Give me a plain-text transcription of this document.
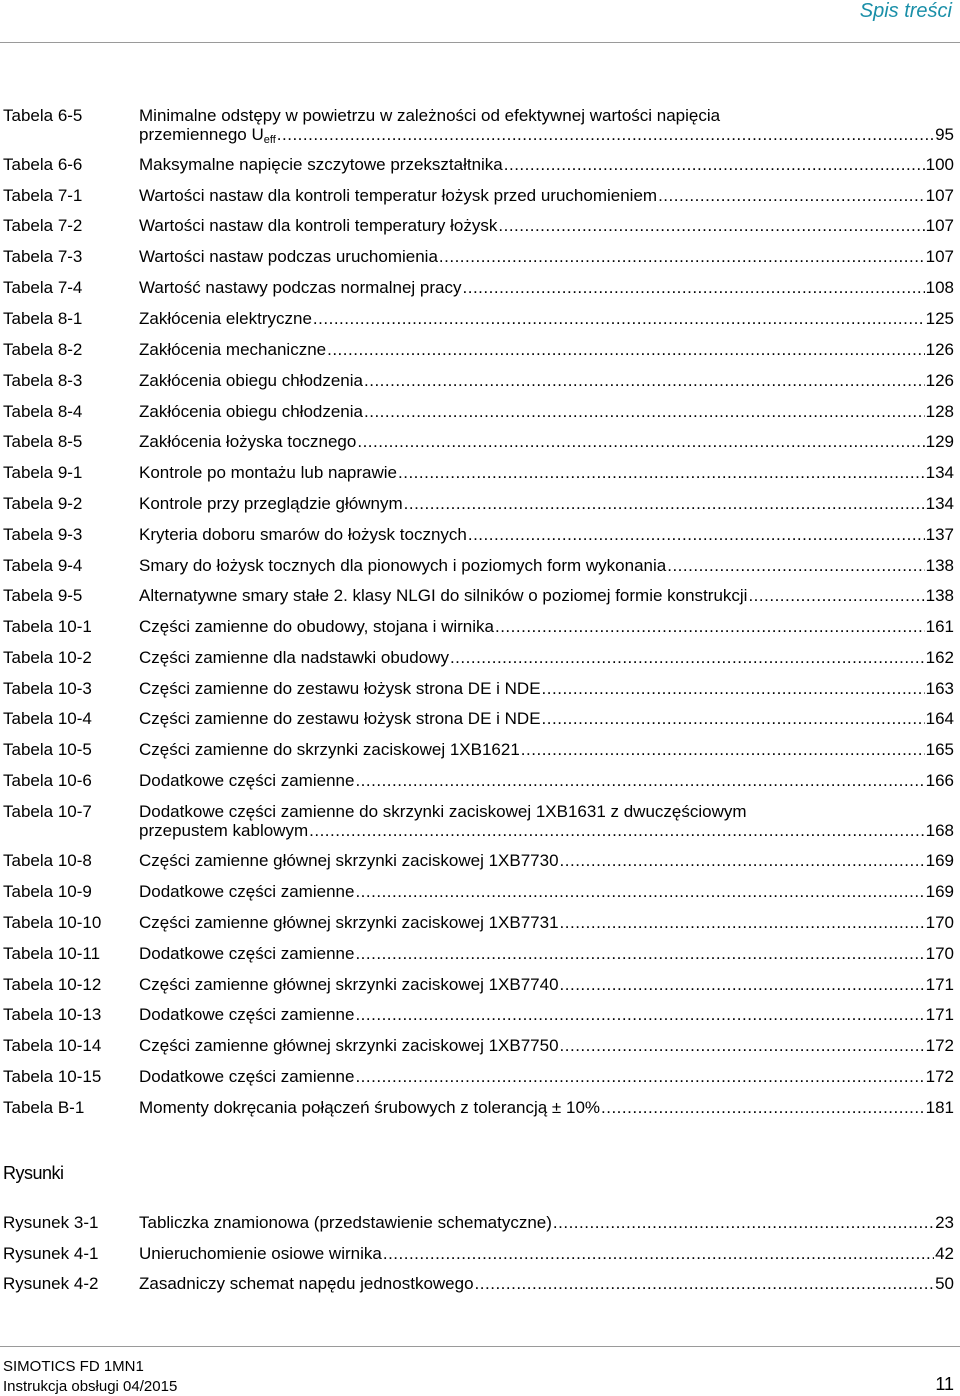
Spis treści
Tabela 6-5	Minimalne odstępy w powietrzu w zależności od efektywnej wartości napięcia
przemiennego $U_{eff}$ .....	95
Tabela 6-6	Maksymalne napięcie szczytowe przekształtnika .....	100
Tabela 7-1	Wartości nastaw dla kontroli temperatur łożysk przed uruchomieniem .....	107
Tabela 7-2	Wartości nastaw dla kontroli temperatury łożysk .....	107
Tabela 7-3	Wartości nastaw podczas uruchomienia .....	107
Tabela 7-4	Wartość nastawy podczas normalnej pracy .....	108
Tabela 8-1	Zakłócenia elektryczne .....	125
Tabela 8-2	Zakłócenia mechaniczne .....	126
Tabela 8-3	Zakłócenia obiegu chłodzenia .....	126
Tabela 8-4	Zakłócenia obiegu chłodzenia .....	128
Tabela 8-5	Zakłócenia łożyska tocznego .....	129
Tabela 9-1	Kontrole po montażu lub naprawie .....	134
Tabela 9-2	Kontrole przy przeglądzie głównym .....	134
Tabela 9-3	Kryteria doboru smarów do łożysk tocznych .....	137
Tabela 9-4	Smary do łożysk tocznych dla pionowych i poziomych form wykonania .....	138
Tabela 9-5	Alternatywne smary stałe 2. klasy NLGI do silników o poziomej formie konstrukcji .....	138
Tabela 10-1	Części zamienne do obudowy, stojana i wirnika .....	161
Tabela 10-2	Części zamienne dla nadstawki obudowy .....	162
Tabela 10-3	Części zamienne do zestawu łożysk strona DE i NDE .....	163
Tabela 10-4	Części zamienne do zestawu łożysk strona DE i NDE .....	164
Tabela 10-5	Części zamienne do skrzynki zaciskowej 1XB1621 .....	165
Tabela 10-6	Dodatkowe części zamienne .....	166
Tabela 10-7	Dodatkowe części zamienne do skrzynki zaciskowej 1XB1631 z dwuczęściowym
przepustem kablowym .....	168
Tabela 10-8	Części zamienne głównej skrzynki zaciskowej 1XB7730 .....	169
Tabela 10-9	Dodatkowe części zamienne .....	169
Tabela 10-10 Części zamienne głównej skrzynki zaciskowej 1XB7731 .....	170
Tabela 10-11 Dodatkowe części zamienne .....	170
Tabela 10-12 Części zamienne głównej skrzynki zaciskowej 1XB7740 .....	171
Tabela 10-13 Dodatkowe części zamienne .....	171
Tabela 10-14 Części zamienne głównej skrzynki zaciskowej 1XB7750 .....	172
Tabela 10-15 Dodatkowe części zamienne .....	172
Tabela B-1	Momenty dokręcania połączeń śrubowych z tolerancją ± 10% .....	181
Rysunki
Rysunek 3-1 Tabliczka znamionowa (przedstawienie schematyczne) .....	23
Rysunek 4-1 Unieruchomienie osiowe wirnika .....	42
Rysunek 4-2 Zasadniczy schemat napędu jednostkowego .....	50
SIMOTICS FD 1MN1
Instrukcja obsługi 04/2015	11
